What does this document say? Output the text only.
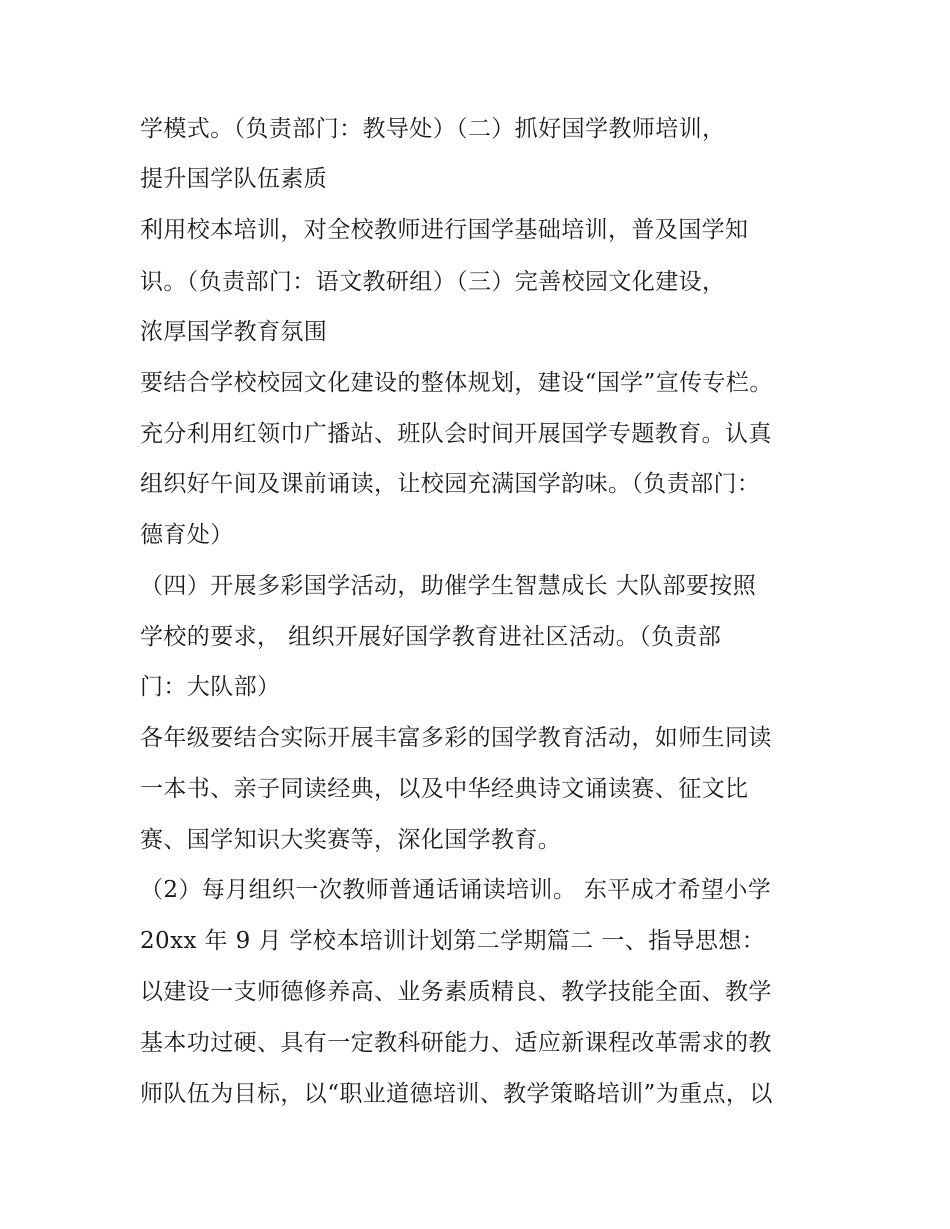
学模式。（负责部门：教导处）（二）抓好国学教师培训，
提升国学队伍素质
利用校本培训，对全校教师进行国学基础培训，普及国学知
识。（负责部门：语文教研组）（三）完善校园文化建设，
浓厚国学教育氛围
要结合学校校园文化建设的整体规划，建设“国学”宣传专栏。
充分利用红领巾广播站、班队会时间开展国学专题教育。认真
组织好午间及课前诵读，让校园充满国学韵味。（负责部门：
德育处）
（四）开展多彩国学活动，助催学生智慧成长 大队部要按照
学校的要求， 组织开展好国学教育进社区活动。（负责部
门：大队部）
各年级要结合实际开展丰富多彩的国学教育活动，如师生同读
一本书、亲子同读经典，以及中华经典诗文诵读赛、征文比
赛、国学知识大奖赛等，深化国学教育。
（2）每月组织一次教师普通话诵读培训。 东平成才希望小学
20xx 年 9 月 学校本培训计划第二学期篇二 一、指导思想：
以建设一支师德修养高、业务素质精良、教学技能全面、教学
基本功过硬、具有一定教科研能力、适应新课程改革需求的教
师队伍为目标，以“职业道德培训、教学策略培训”为重点，以
